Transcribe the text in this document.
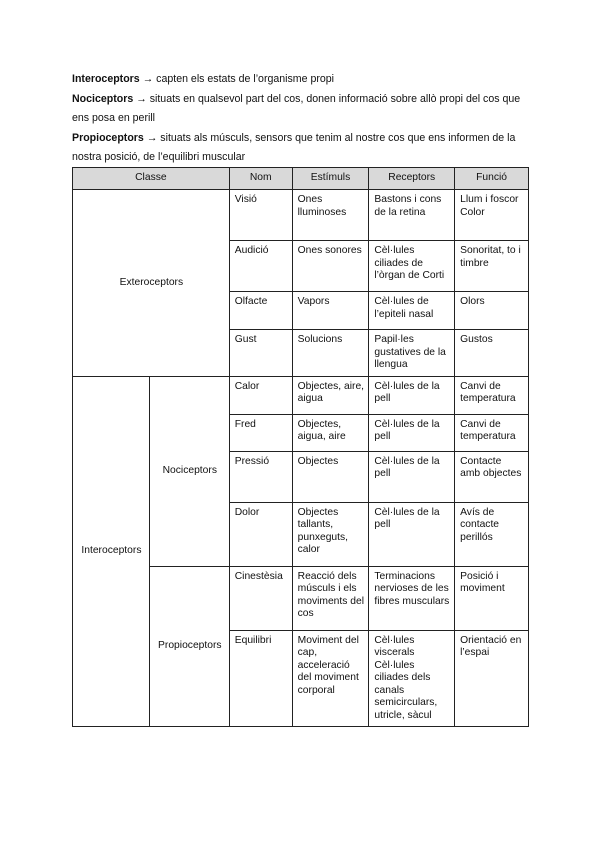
Interoceptors → capten els estats de l’organisme propi

Nociceptors → situats en qualsevol part del cos, donen informació sobre allò propi del cos que ens posa en perill

Propioceptors → situats als músculs, sensors que tenim al nostre cos que ens informen de la nostra posició, de l’equilibri muscular

Classe		Nom	Estímuls	Receptors	Funció
Exteroceptors		Visió	Ones lluminoses	Bastons i cons de la retina	Llum i foscor Color
		Audició	Ones sonores	Cèl·lules ciliades de l’òrgan de Corti	Sonoritat, to i timbre
		Olfacte	Vapors	Cèl·lules de l’epiteli nasal	Olors
		Gust	Solucions	Papil·les gustatives de la llengua	Gustos
Interoceptors	Nociceptors	Calor	Objectes, aire, aigua	Cèl·lules de la pell	Canvi de temperatura
		Fred	Objectes, aigua, aire	Cèl·lules de la pell	Canvi de temperatura
		Pressió	Objectes	Cèl·lules de la pell	Contacte amb objectes
		Dolor	Objectes tallants, punxeguts, calor	Cèl·lules de la pell	Avís de contacte perillós
	Propioceptors	Cinestèsia	Reacció dels músculs i els moviments del cos	Terminacions nervioses de les fibres musculars	Posició i moviment
		Equilibri	Moviment del cap, acceleració del moviment corporal	Cèl·lules viscerals Cèl·lules ciliades dels canals semicirculars, utricle, sàcul	Orientació en l’espai
